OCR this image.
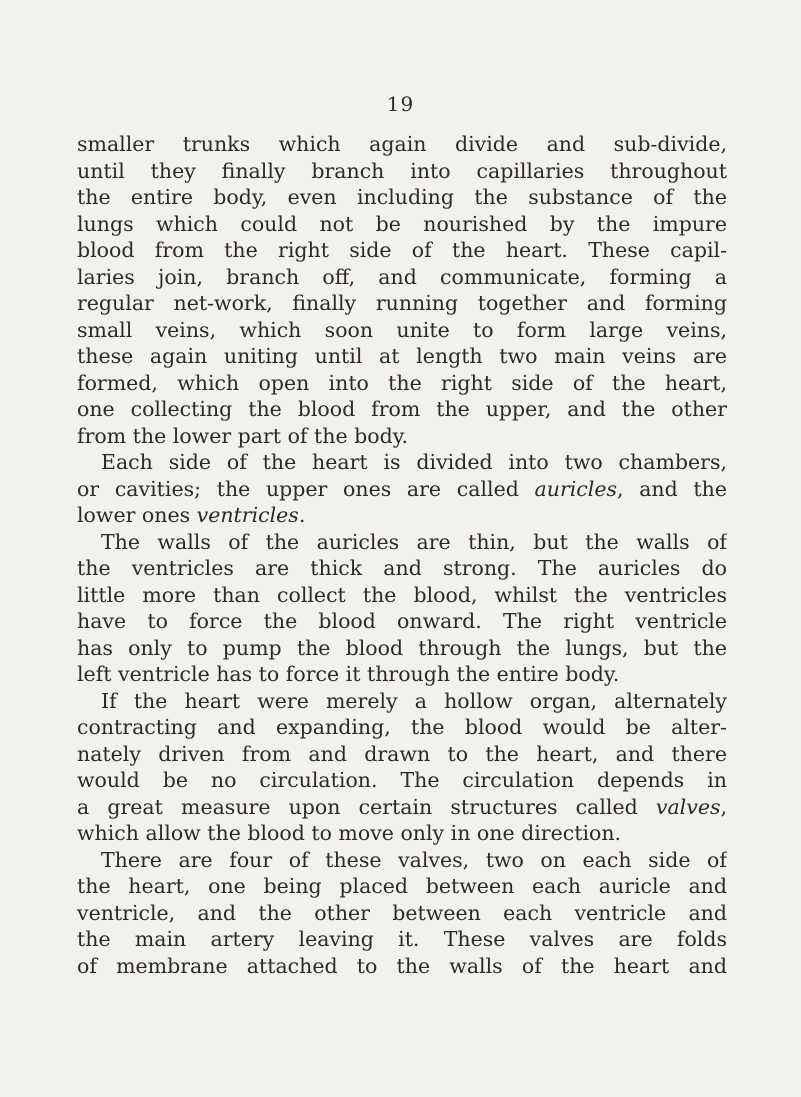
19
smaller trunks which again divide and sub-divide,
until they finally branch into capillaries throughout
the entire body, even including the substance of the
lungs which could not be nourished by the impure
blood from the right side of the heart. These capil-
laries join, branch off, and communicate, forming a
regular net-work, finally running together and forming
small veins, which soon unite to form large veins,
these again uniting until at length two main veins are
formed, which open into the right side of the heart,
one collecting the blood from the upper, and the other
from the lower part of the body.
Each side of the heart is divided into two chambers,
or cavities; the upper ones are called auricles, and the
lower ones ventricles.
The walls of the auricles are thin, but the walls of
the ventricles are thick and strong. The auricles do
little more than collect the blood, whilst the ventricles
have to force the blood onward. The right ventricle
has only to pump the blood through the lungs, but the
left ventricle has to force it through the entire body.
If the heart were merely a hollow organ, alternately
contracting and expanding, the blood would be alter-
nately driven from and drawn to the heart, and there
would be no circulation. The circulation depends in
a great measure upon certain structures called valves,
which allow the blood to move only in one direction.
There are four of these valves, two on each side of
the heart, one being placed between each auricle and
ventricle, and the other between each ventricle and
the main artery leaving it. These valves are folds
of membrane attached to the walls of the heart and
